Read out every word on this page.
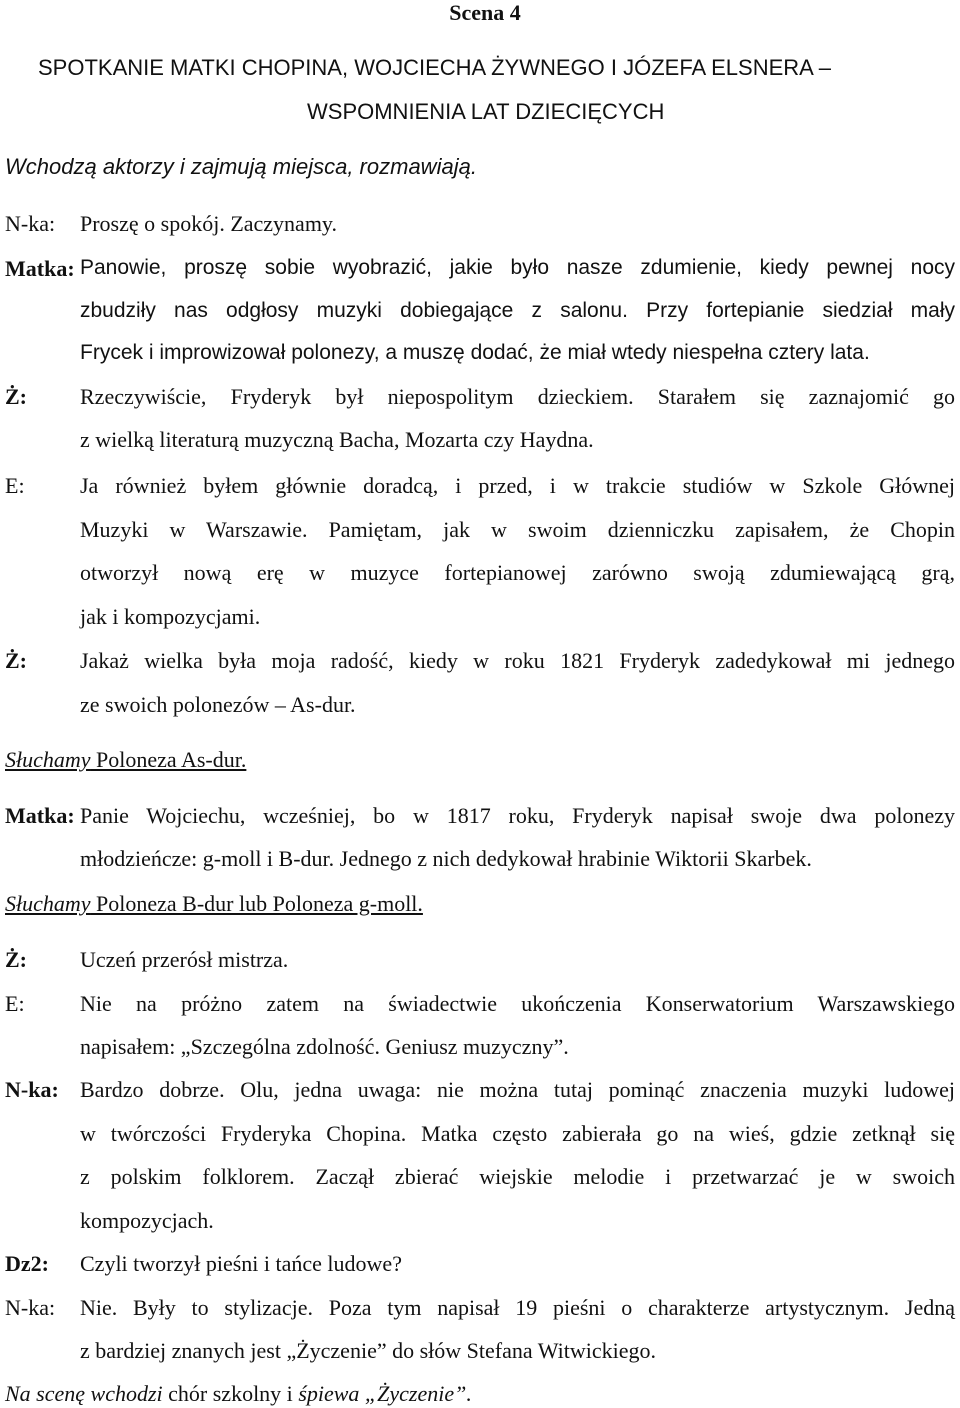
Scena 4
SPOTKANIE MATKI CHOPINA, WOJCIECHA ŻYWNEGO I JÓZEFA ELSNERA –
WSPOMNIENIA LAT DZIECIĘCYCH
Wchodzą aktorzy i zajmują miejsca, rozmawiają.
N-ka: Proszę o spokój. Zaczynamy.
Matka: Panowie, proszę sobie wyobrazić, jakie było nasze zdumienie, kiedy pewnej nocy
zbudziły nas odgłosy muzyki dobiegające z salonu. Przy fortepianie siedział mały
Frycek i improwizował polonezy, a muszę dodać, że miał wtedy niespełna cztery lata.
Ż: Rzeczywiście, Fryderyk był niepospolitym dzieckiem. Starałem się zaznajomić go
z wielką literaturą muzyczną Bacha, Mozarta czy Haydna.
E:	Ja również byłem głównie doradcą, i przed, i w trakcie studiów w Szkole Głównej
Muzyki w Warszawie. Pamiętam, jak w swoim dzienniczku zapisałem, że Chopin
otworzył nową erę w muzyce fortepianowej zarówno swoją zdumiewającą grą,
jak i kompozycjami.
Ż: Jakaż wielka była moja radość, kiedy w roku 1821 Fryderyk zadedykował mi jednego
ze swoich polonezów – As-dur.
Słuchamy Poloneza As-dur.
Matka: Panie Wojciechu, wcześniej, bo w 1817 roku, Fryderyk napisał swoje dwa polonezy
młodzieńcze: g-moll i B-dur. Jednego z nich dedykował hrabinie Wiktorii Skarbek.
Słuchamy Poloneza B-dur lub Poloneza g-moll.
Ż: Uczeń przerósł mistrza.
E:	Nie na próżno zatem na świadectwie ukończenia Konserwatorium Warszawskiego
napisałem: „Szczególna zdolność. Geniusz muzyczny”.
N-ka: Bardzo dobrze. Olu, jedna uwaga: nie można tutaj pominąć znaczenia muzyki ludowej
w twórczości Fryderyka Chopina. Matka często zabierała go na wieś, gdzie zetknął się
z polskim folklorem. Zaczął zbierać wiejskie melodie i przetwarzać je w swoich
kompozycjach.
Dz2: Czyli tworzył pieśni i tańce ludowe?
N-ka: Nie. Były to stylizacje. Poza tym napisał 19 pieśni o charakterze artystycznym. Jedną
z bardziej znanych jest „Życzenie” do słów Stefana Witwickiego.
Na scenę wchodzi chór szkolny i śpiewa „Życzenie”.
